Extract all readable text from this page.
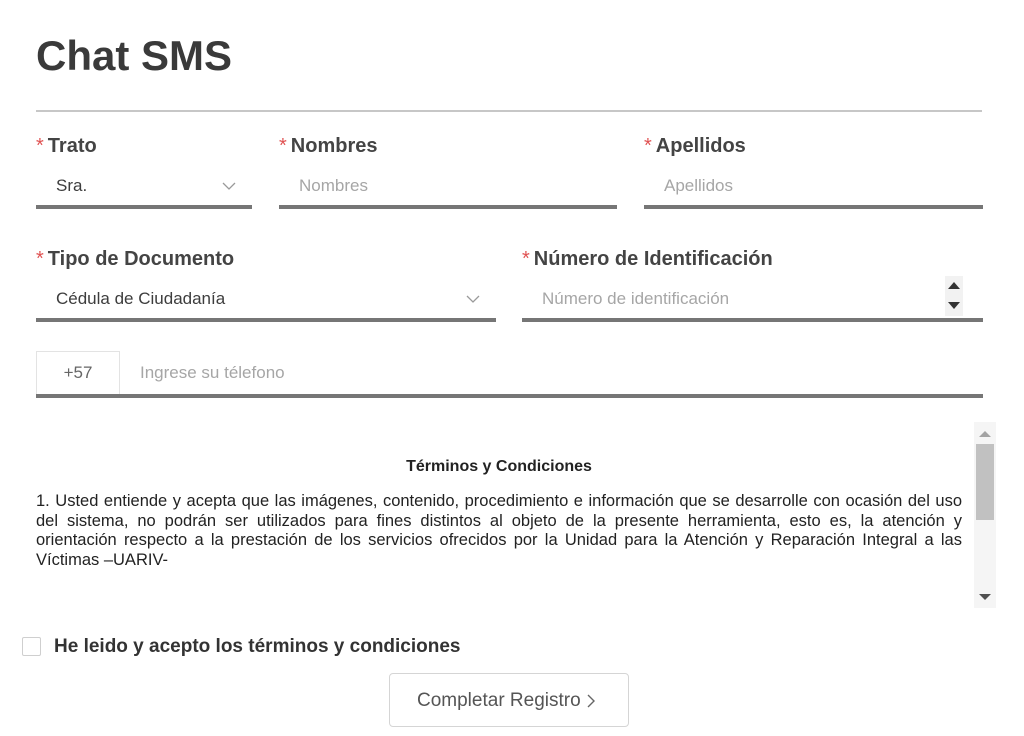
Chat SMS
* Trato
Sra.
* Nombres
Nombres
* Apellidos
Apellidos
* Tipo de Documento
Cédula de Ciudadanía
* Número de Identificación
Número de identificación
+57	Ingrese su télefono
Términos y Condiciones

1. Usted entiende y acepta que las imágenes, contenido, procedimiento e información que se desarrolle con ocasión del uso del sistema, no podrán ser utilizados para fines distintos al objeto de la presente herramienta, esto es, la atención y orientación respecto a la prestación de los servicios ofrecidos por la Unidad para la Atención y Reparación Integral a las Víctimas –UARIV-

He leido y acepto los términos y condiciones
Completar Registro
